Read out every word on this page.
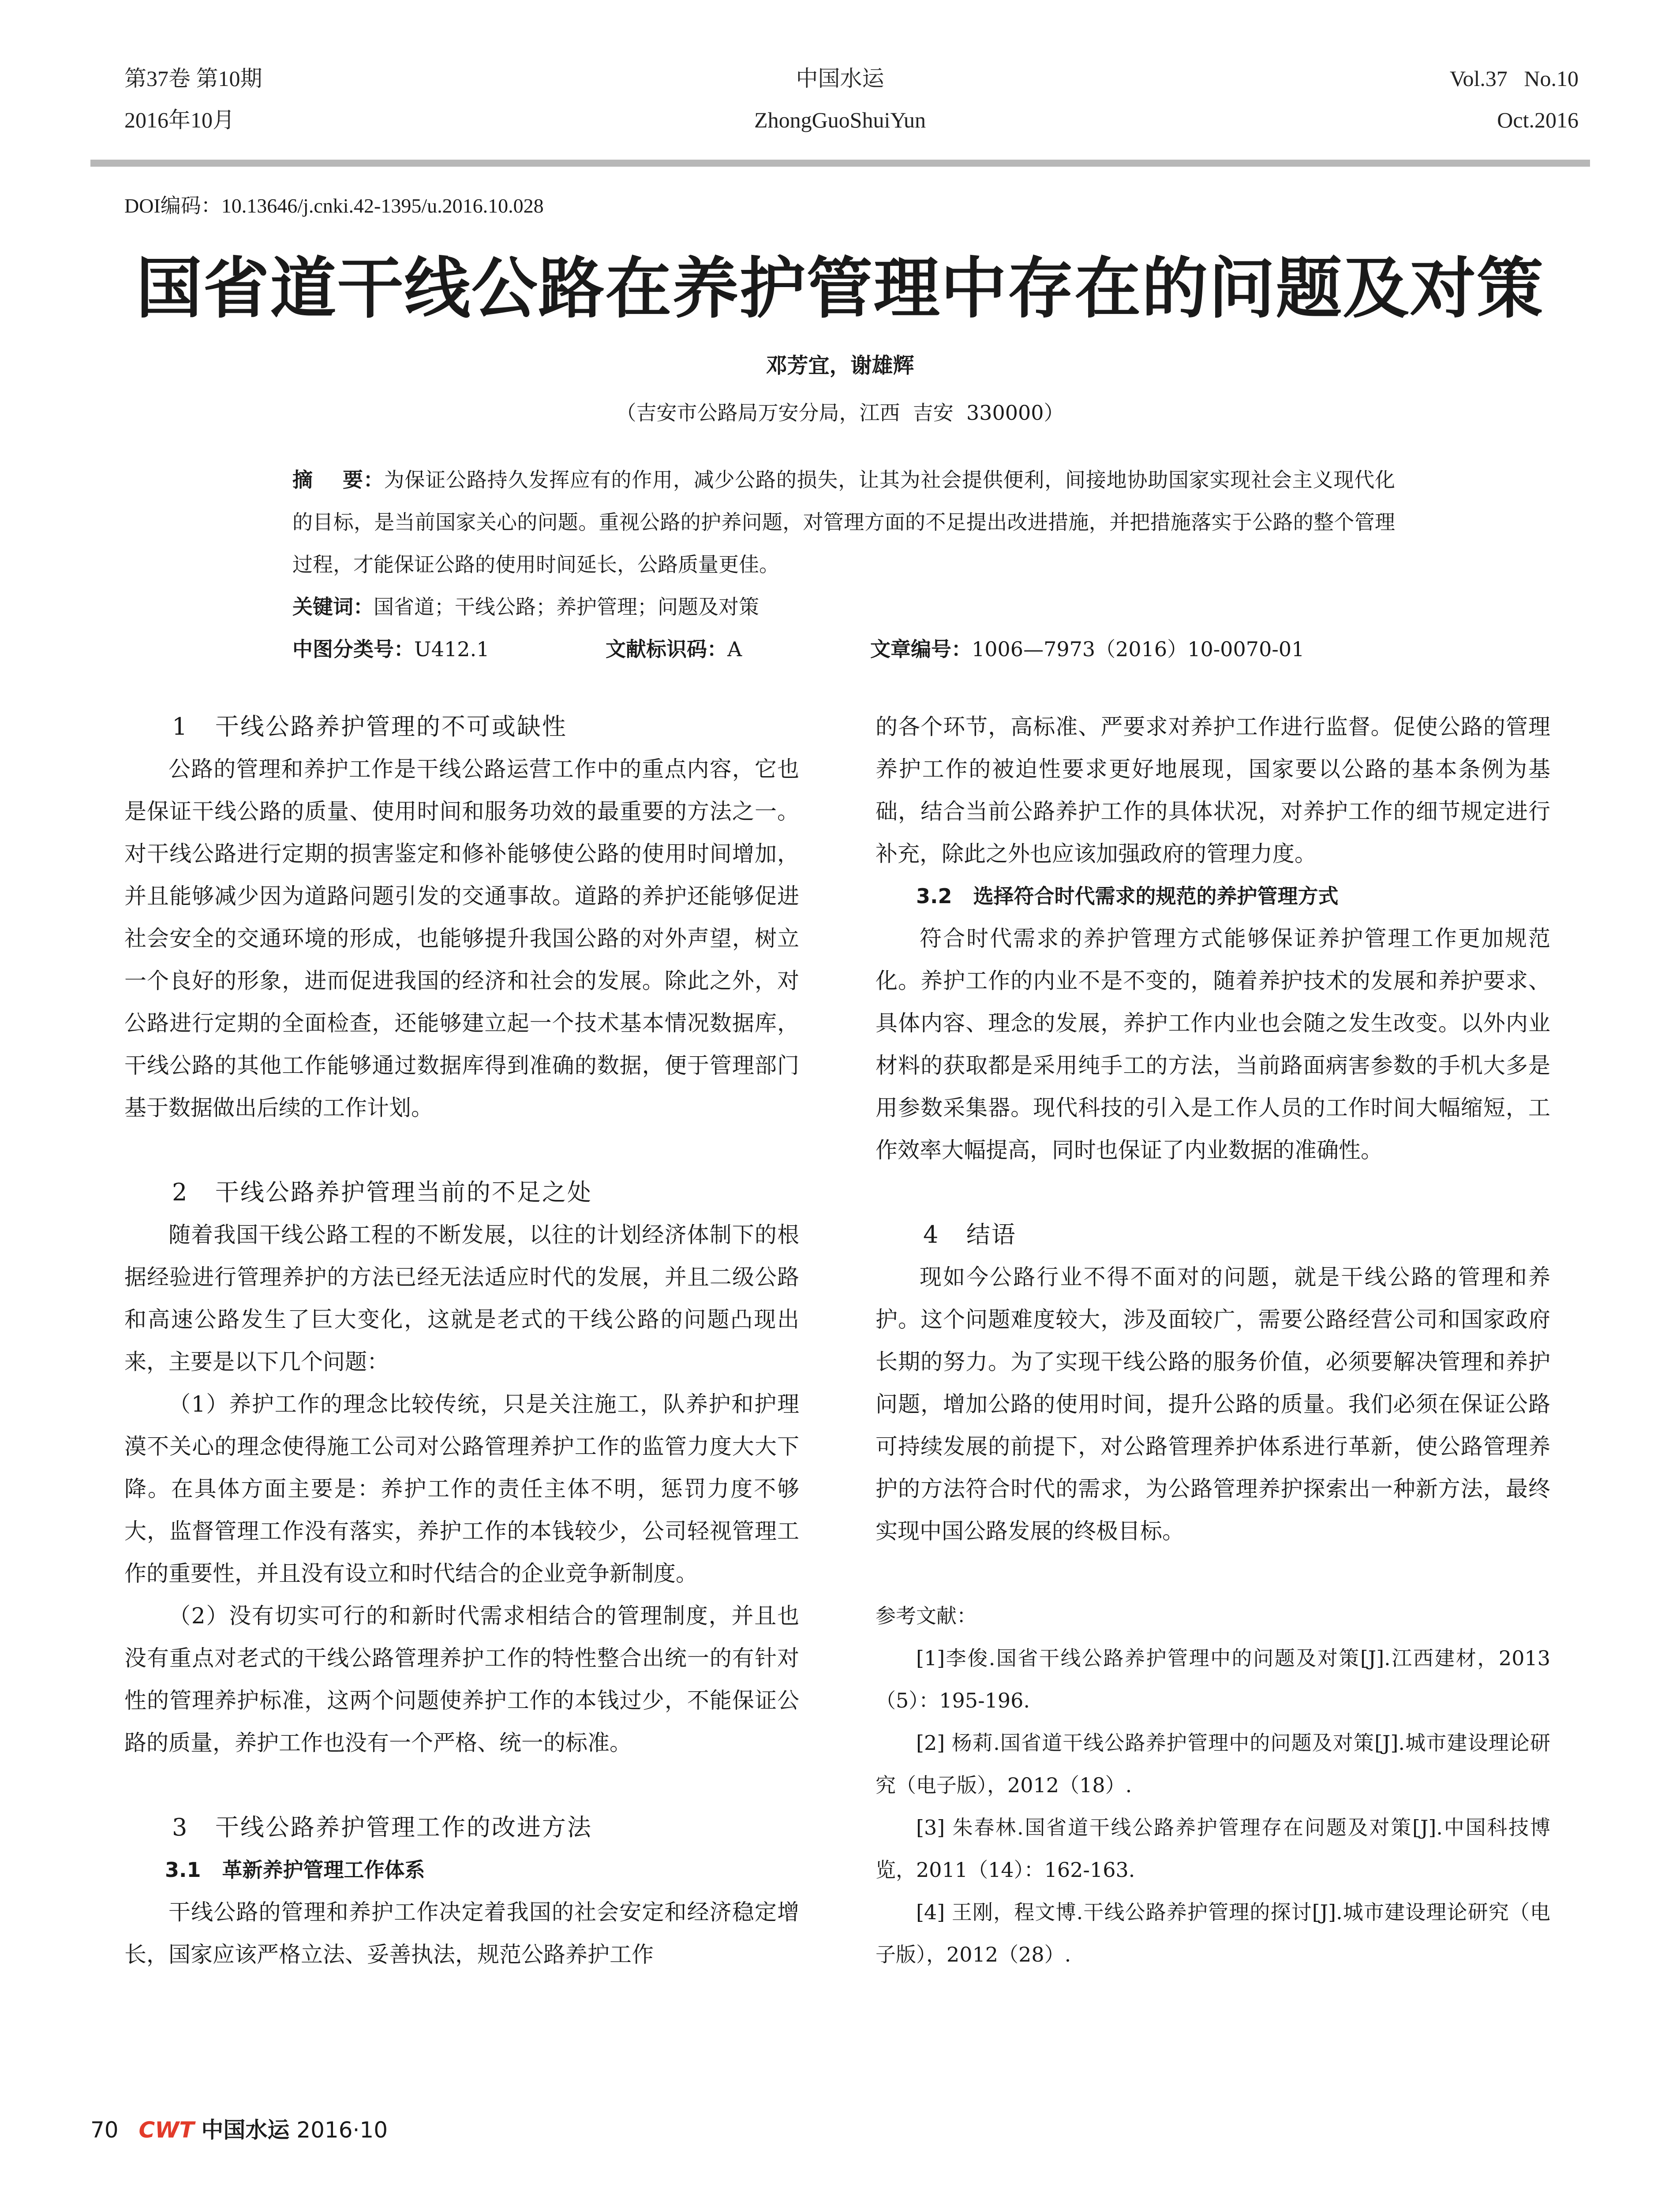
第37卷 第10期
2016年10月
中国水运
ZhongGuoShuiYun
Vol.37   No.10
Oct.2016
DOI编码：10.13646/j.cnki.42-1395/u.2016.10.028
国省道干线公路在养护管理中存在的问题及对策
邓芳宜，谢雄辉
（吉安市公路局万安分局，江西  吉安  330000）
摘    要：为保证公路持久发挥应有的作用，减少公路的损失，让其为社会提供便利，间接地协助国家实现社会主义现代化的目标，是当前国家关心的问题。重视公路的护养问题，对管理方面的不足提出改进措施，并把措施落实于公路的整个管理过程，才能保证公路的使用时间延长，公路质量更佳。
关键词：国省道；干线公路；养护管理；问题及对策
中图分类号：U412.1	文献标识码：A	文章编号：1006—7973（2016）10-0070-01

1   干线公路养护管理的不可或缺性

公路的管理和养护工作是干线公路运营工作中的重点内容，它也是保证干线公路的质量、使用时间和服务功效的最重要的方法之一。对干线公路进行定期的损害鉴定和修补能够使公路的使用时间增加，并且能够减少因为道路问题引发的交通事故。道路的养护还能够促进社会安全的交通环境的形成，也能够提升我国公路的对外声望，树立一个良好的形象，进而促进我国的经济和社会的发展。除此之外，对公路进行定期的全面检查，还能够建立起一个技术基本情况数据库，干线公路的其他工作能够通过数据库得到准确的数据，便于管理部门基于数据做出后续的工作计划。

2   干线公路养护管理当前的不足之处

随着我国干线公路工程的不断发展，以往的计划经济体制下的根据经验进行管理养护的方法已经无法适应时代的发展，并且二级公路和高速公路发生了巨大变化，这就是老式的干线公路的问题凸现出来，主要是以下几个问题：

（1）养护工作的理念比较传统，只是关注施工，队养护和护理漠不关心的理念使得施工公司对公路管理养护工作的监管力度大大下降。在具体方面主要是：养护工作的责任主体不明，惩罚力度不够大，监督管理工作没有落实，养护工作的本钱较少，公司轻视管理工作的重要性，并且没有设立和时代结合的企业竞争新制度。

（2）没有切实可行的和新时代需求相结合的管理制度，并且也没有重点对老式的干线公路管理养护工作的特性整合出统一的有针对性的管理养护标准，这两个问题使养护工作的本钱过少，不能保证公路的质量，养护工作也没有一个严格、统一的标准。

3   干线公路养护管理工作的改进方法

3.1   革新养护管理工作体系

干线公路的管理和养护工作决定着我国的社会安定和经济稳定增长，国家应该严格立法、妥善执法，规范公路养护工作

的各个环节，高标准、严要求对养护工作进行监督。促使公路的管理养护工作的被迫性要求更好地展现，国家要以公路的基本条例为基础，结合当前公路养护工作的具体状况，对养护工作的细节规定进行补充，除此之外也应该加强政府的管理力度。

3.2   选择符合时代需求的规范的养护管理方式

符合时代需求的养护管理方式能够保证养护管理工作更加规范化。养护工作的内业不是不变的，随着养护技术的发展和养护要求、具体内容、理念的发展，养护工作内业也会随之发生改变。以外内业材料的获取都是采用纯手工的方法，当前路面病害参数的手机大多是用参数采集器。现代科技的引入是工作人员的工作时间大幅缩短，工作效率大幅提高，同时也保证了内业数据的准确性。

4   结语

现如今公路行业不得不面对的问题，就是干线公路的管理和养护。这个问题难度较大，涉及面较广，需要公路经营公司和国家政府长期的努力。为了实现干线公路的服务价值，必须要解决管理和养护问题，增加公路的使用时间，提升公路的质量。我们必须在保证公路可持续发展的前提下，对公路管理养护体系进行革新，使公路管理养护的方法符合时代的需求，为公路管理养护探索出一种新方法，最终实现中国公路发展的终极目标。

参考文献：

[1]李俊.国省干线公路养护管理中的问题及对策[J].江西建材，2013（5）：195-196.

[2] 杨莉.国省道干线公路养护管理中的问题及对策[J].城市建设理论研究（电子版），2012（18）.

[3] 朱春林.国省道干线公路养护管理存在问题及对策[J].中国科技博览，2011（14）：162-163.

[4] 王刚，程文博.干线公路养护管理的探讨[J].城市建设理论研究（电子版），2012（28）.

70 CWT 中国水运 2016·10
